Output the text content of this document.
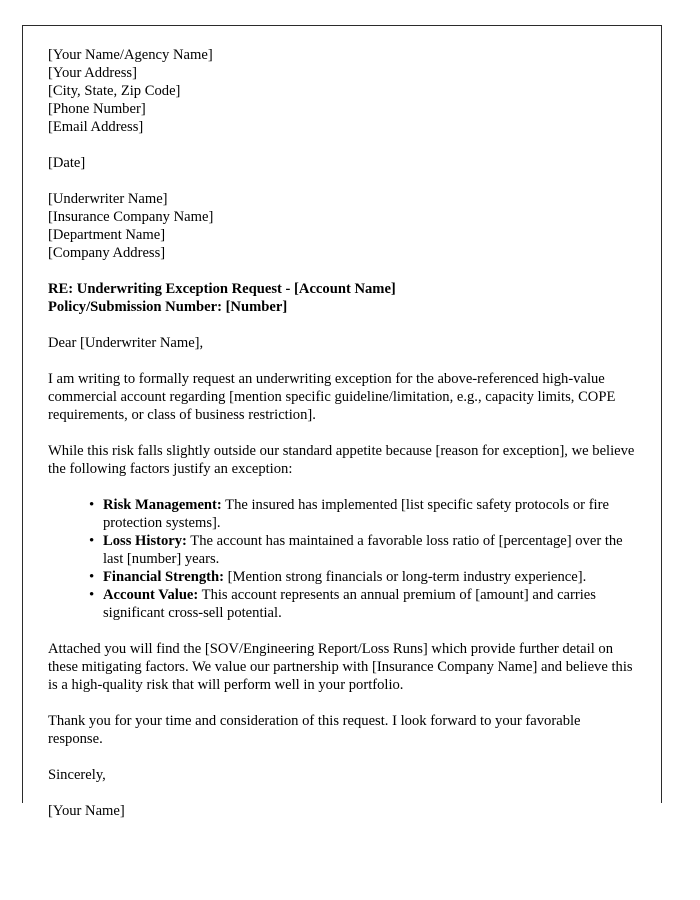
[Your Name/Agency Name]
[Your Address]
[City, State, Zip Code]
[Phone Number]
[Email Address]
[Date]
[Underwriter Name]
[Insurance Company Name]
[Department Name]
[Company Address]
RE: Underwriting Exception Request - [Account Name]
Policy/Submission Number: [Number]

Dear [Underwriter Name],

I am writing to formally request an underwriting exception for the above-referenced high-value commercial account regarding [mention specific guideline/limitation, e.g., capacity limits, COPE requirements, or class of business restriction].

While this risk falls slightly outside our standard appetite because [reason for exception], we believe the following factors justify an exception:

• Risk Management: The insured has implemented [list specific safety protocols or fire protection systems].
• Loss History: The account has maintained a favorable loss ratio of [percentage] over the last [number] years.
• Financial Strength: [Mention strong financials or long-term industry experience].
• Account Value: This account represents an annual premium of [amount] and carries significant cross-sell potential.

Attached you will find the [SOV/Engineering Report/Loss Runs] which provide further detail on these mitigating factors. We value our partnership with [Insurance Company Name] and believe this is a high-quality risk that will perform well in your portfolio.

Thank you for your time and consideration of this request. I look forward to your favorable response.

Sincerely,
[Your Name]
